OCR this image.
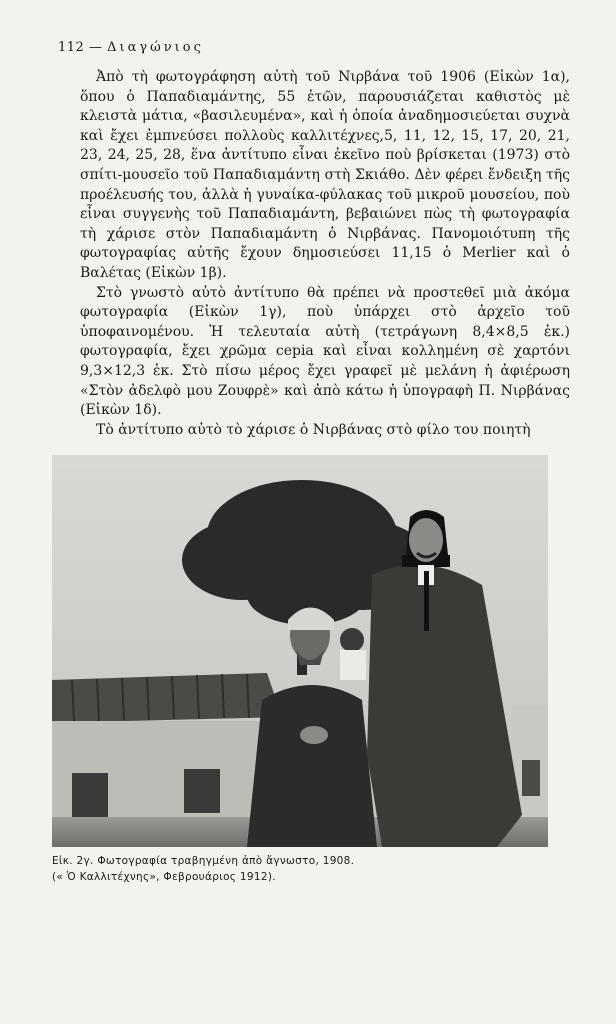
112 — Διαγώνιος

Ἀπὸ τὴ φωτογράφηση αὐτὴ τοῦ Νιρβάνα τοῦ 1906 (Εἰκὼν 1α), ὅπου ὁ Παπαδιαμάντης, 55 ἐτῶν, παρουσιάζεται καθιστὸς μὲ κλειστὰ μάτια, «βασιλευμένα», καὶ ἡ ὁποία ἀναδημοσιεύεται συχνὰ καὶ ἔχει ἐμπνεύσει πολλοὺς καλλιτέχνες,5, 11, 12, 15, 17, 20, 21, 23, 24, 25, 28, ἕνα ἀντίτυπο εἶναι ἐκεῖνο ποὺ βρίσκεται (1973) στὸ σπίτι-μουσεῖο τοῦ Παπαδιαμάντη στὴ Σκιάθο. Δὲν φέρει ἔνδειξη τῆς προέλευσής του, ἀλλὰ ἡ γυναίκα-φύλακας τοῦ μικροῦ μουσείου, ποὺ εἶναι συγγενὴς τοῦ Παπαδιαμάντη, βεβαιώνει πὼς τὴ φωτογραφία τὴ χάρισε στὸν Παπαδιαμάντη ὁ Νιρβάνας. Πανομοιότυπη τῆς φωτογραφίας αὐτῆς ἔχουν δημοσιεύσει 11,15 ὁ Merlier καὶ ὁ Βαλέτας (Εἰκὼν 1β).

Στὸ γνωστὸ αὐτὸ ἀντίτυπο θὰ πρέπει νὰ προστεθεῖ μιὰ ἀκόμα φωτογραφία (Εἰκὼν 1γ), ποὺ ὑπάρχει στὸ ἀρχεῖο τοῦ ὑποφαινομένου. Ἡ τελευταία αὐτὴ (τετράγωνη 8,4×8,5 ἐκ.) φωτογραφία, ἔχει χρῶμα cepia καὶ εἶναι κολλημένη σὲ χαρτόνι 9,3×12,3 ἐκ. Στὸ πίσω μέρος ἔχει γραφεῖ μὲ μελάνη ἡ ἀφιέρωση «Στὸν ἀδελφὸ μου Ζουφρὲ» καὶ ἀπὸ κάτω ἡ ὑπογραφὴ Π. Νιρβάνας (Εἰκὼν 1δ).

Τὸ ἀντίτυπο αὐτὸ τὸ χάρισε ὁ Νιρβάνας στὸ φίλο του ποιητὴ

Εἰκ. 2γ. Φωτογραφία τραβηγμένη ἀπὸ ἄγνωστο, 1908.
(« Ὁ Καλλιτέχνης», Φεβρουάριος 1912).
